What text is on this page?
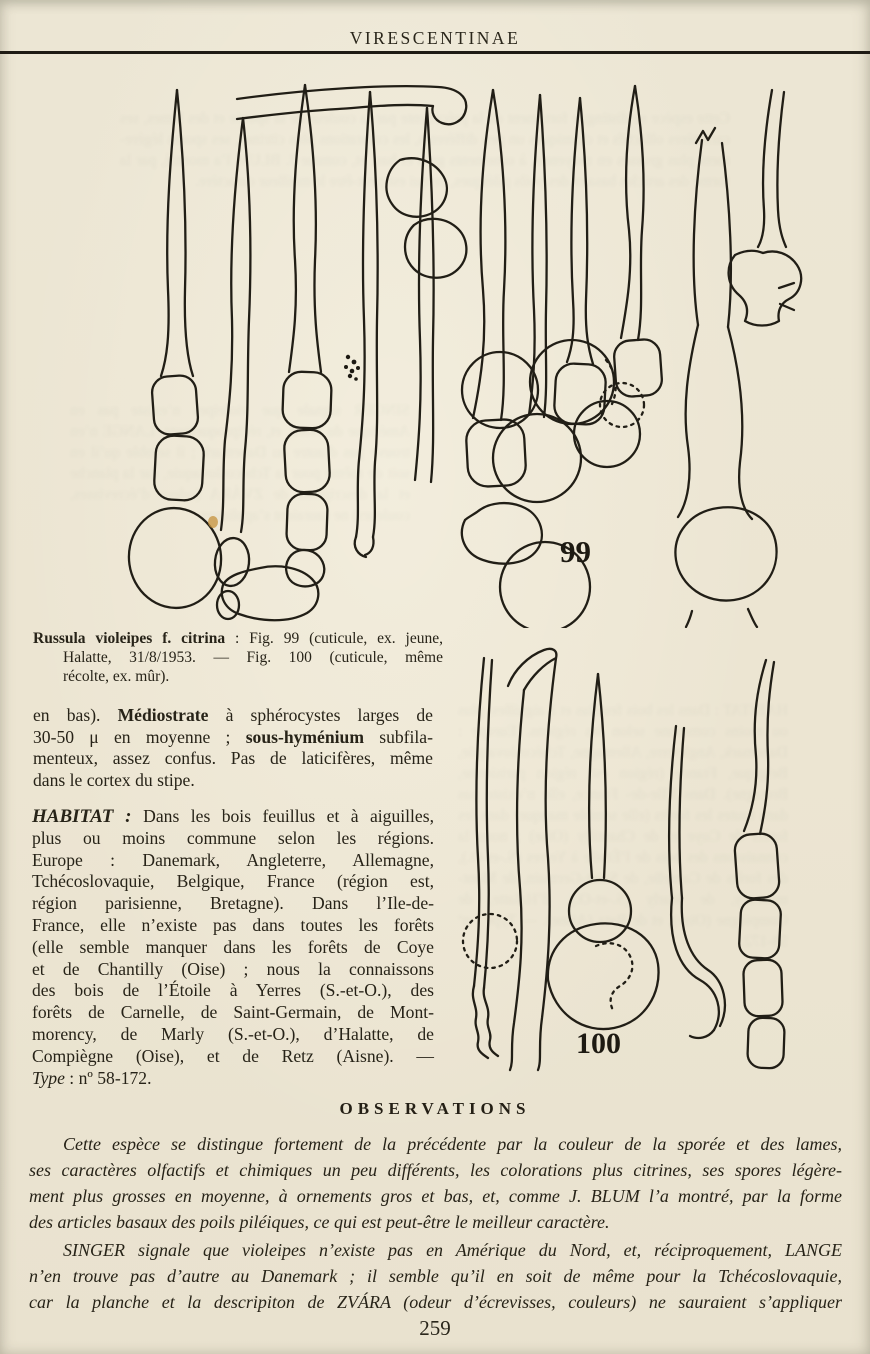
Cette espèce se distingue fortement de la précédente par la couleur de la sporée et des lames, ses caractères olfactifs et chimiques un peu différents, les colorations plus citrines, ses spores légère- ment plus grosses en moyenne, à ornements gros et bas, et, comme J. BLUM l’a montré, par la forme des articles basaux des poils piléiques, ce qui est peut-être le meilleur caractère.
HABITAT : Dans les bois feuillus et à aiguilles, plus ou moins commune selon les régions. Europe : Danemark, Angleterre, Allemagne, Tchécoslovaquie, Belgique, France (région est, région parisienne, Bretagne). Dans l’Ile-de- France, elle n’existe pas dans toutes les forêts (elle semble manquer dans les forêts de Coye et de Chantilly (Oise) ; nous la connaissons des bois de l’Étoile à Yerres (S.-et-O.), des forêts de Carnelle, de Saint-Germain, de Mont- morency, de Marly (S.-et-O.), d’Halatte, de Compiègne (Oise), et de Retz (Aisne). — Type : nº 58-172.
SINGER signale que violeipes n’existe pas en Amérique du Nord, et, réciproquement, LANGE n’en trouve pas d’autre au Danemark ; il semble qu’il en soit de même pour la Tchécoslovaquie, car la planche et la descripiton de ZVÁRA (odeur d’écrevisses, couleurs) ne sauraient s’appliquer
VIRESCENTINAE
99
100
Russula violeipes f. citrina : Fig. 99 (cuticule, ex. jeune,
Halatte, 31/8/1953. — Fig. 100 (cuticule, même
récolte, ex. mûr).
en bas). Médiostrate à sphérocystes larges de
30-50 μ en moyenne ; sous-hyménium subfila-
menteux, assez confus. Pas de laticifères, même
dans le cortex du stipe.
HABITAT : Dans les bois feuillus et à aiguilles,
plus ou moins commune selon les régions.
Europe : Danemark, Angleterre, Allemagne,
Tchécoslovaquie, Belgique, France (région est,
région parisienne, Bretagne). Dans l’Ile-de-
France, elle n’existe pas dans toutes les forêts
(elle semble manquer dans les forêts de Coye
et de Chantilly (Oise) ; nous la connaissons
des bois de l’Étoile à Yerres (S.-et-O.), des
forêts de Carnelle, de Saint-Germain, de Mont-
morency, de Marly (S.-et-O.), d’Halatte, de
Compiègne (Oise), et de Retz (Aisne). —
Type : nº 58-172.
OBSERVATIONS
Cette espèce se distingue fortement de la précédente par la couleur de la sporée et des lames,
ses caractères olfactifs et chimiques un peu différents, les colorations plus citrines, ses spores légère-
ment plus grosses en moyenne, à ornements gros et bas, et, comme J. BLUM l’a montré, par la forme
des articles basaux des poils piléiques, ce qui est peut-être le meilleur caractère.
SINGER signale que violeipes n’existe pas en Amérique du Nord, et, réciproquement, LANGE
n’en trouve pas d’autre au Danemark ; il semble qu’il en soit de même pour la Tchécoslovaquie,
car la planche et la descripiton de ZVÁRA (odeur d’écrevisses, couleurs) ne sauraient s’appliquer
259
